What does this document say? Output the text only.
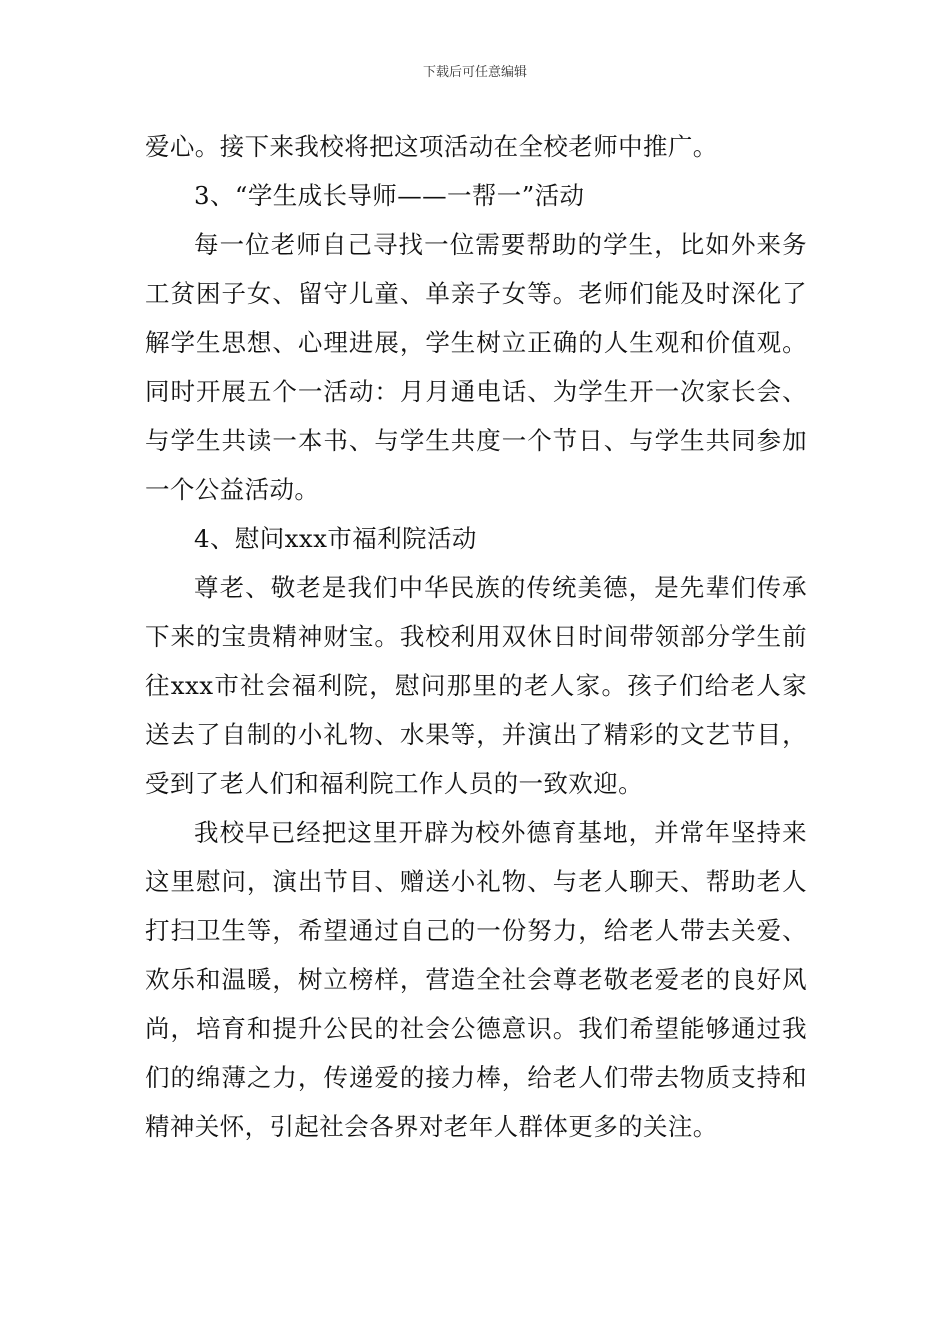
下载后可任意编辑

爱心。接下来我校将把这项活动在全校老师中推广。

3、“学生成长导师——一帮一”活动

每一位老师自己寻找一位需要帮助的学生，比如外来务工贫困子女、留守儿童、单亲子女等。老师们能及时深化了解学生思想、心理进展，学生树立正确的人生观和价值观。同时开展五个一活动：月月通电话、为学生开一次家长会、与学生共读一本书、与学生共度一个节日、与学生共同参加一个公益活动。

4、慰问xxx市福利院活动

尊老、敬老是我们中华民族的传统美德，是先辈们传承下来的宝贵精神财宝。我校利用双休日时间带领部分学生前往xxx市社会福利院，慰问那里的老人家。孩子们给老人家送去了自制的小礼物、水果等，并演出了精彩的文艺节目，受到了老人们和福利院工作人员的一致欢迎。

我校早已经把这里开辟为校外德育基地，并常年坚持来这里慰问，演出节目、赠送小礼物、与老人聊天、帮助老人打扫卫生等，希望通过自己的一份努力，给老人带去关爱、欢乐和温暖，树立榜样，营造全社会尊老敬老爱老的良好风尚，培育和提升公民的社会公德意识。我们希望能够通过我们的绵薄之力，传递爱的接力棒，给老人们带去物质支持和精神关怀，引起社会各界对老年人群体更多的关注。
